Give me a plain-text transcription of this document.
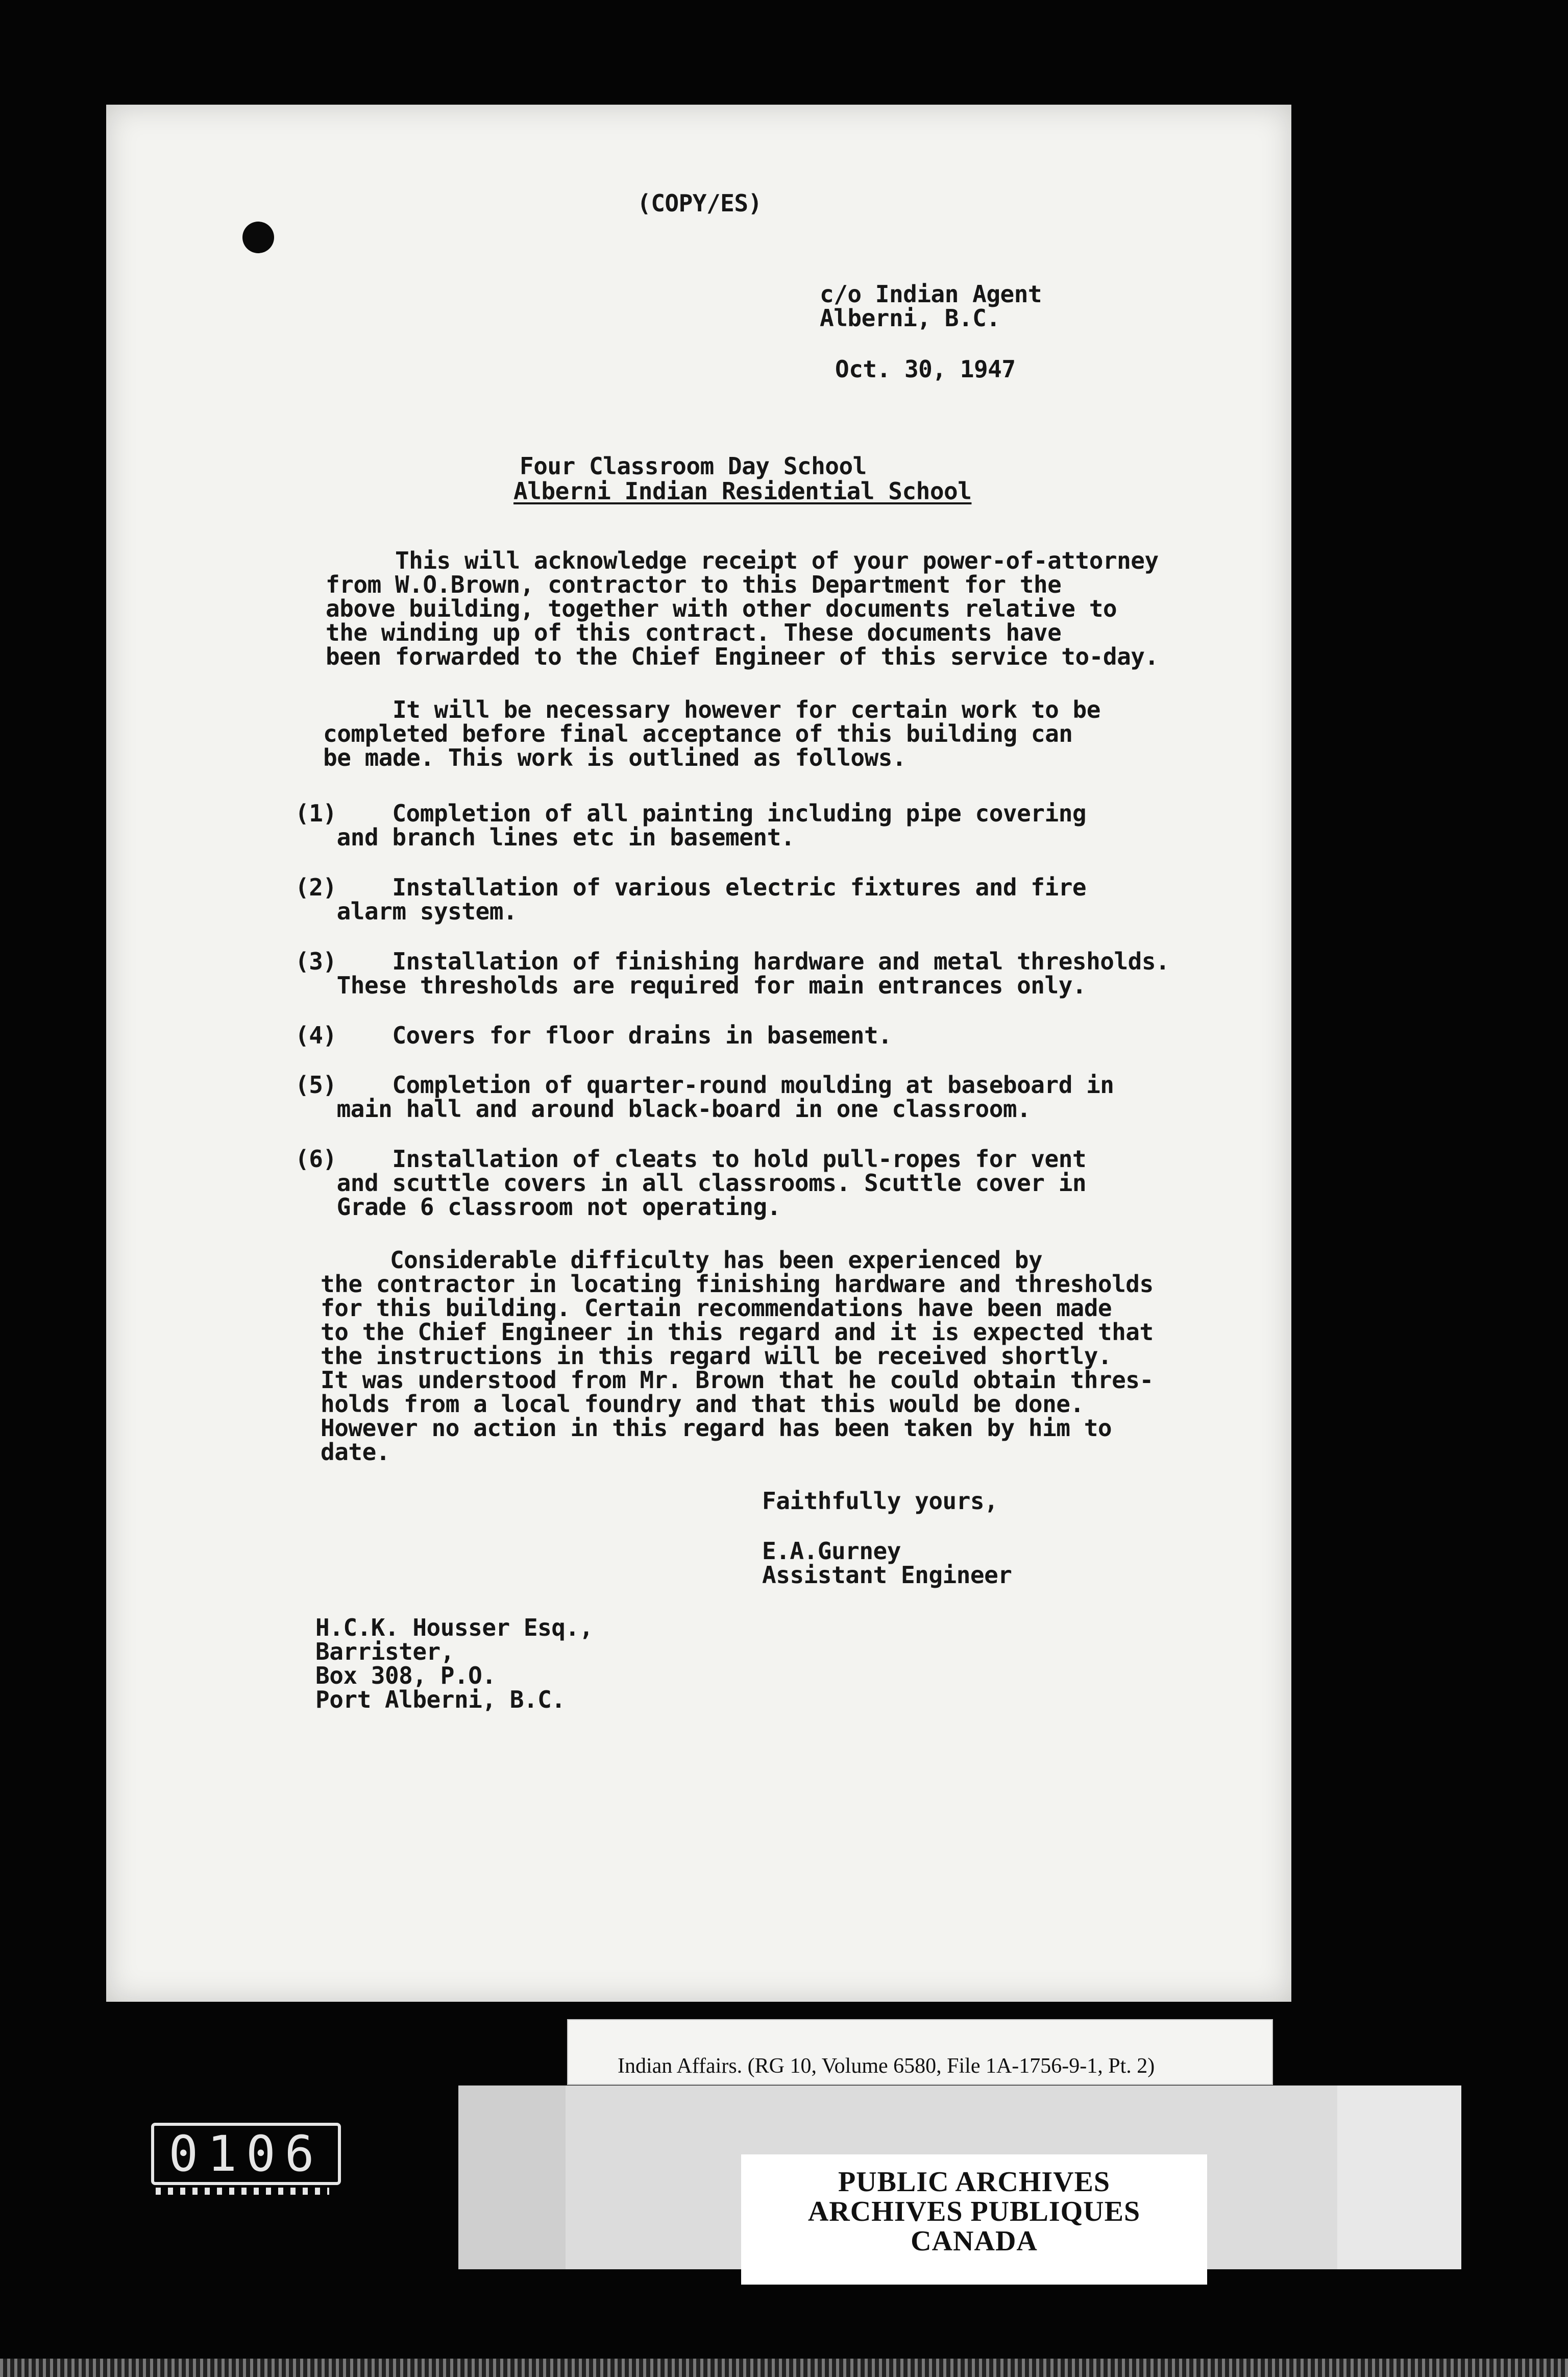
(COPY/ES)
c/o Indian Agent
Alberni, B.C.
Oct. 30, 1947
Four Classroom Day School
Alberni Indian Residential School
This will acknowledge receipt of your power-of-attorney
from W.O.Brown, contractor to this Department for the
above building, together with other documents relative to
the winding up of this contract. These documents have
been forwarded to the Chief Engineer of this service to-day.
It will be necessary however for certain work to be
completed before final acceptance of this building can
be made. This work is outlined as follows.
(1)    Completion of all painting including pipe covering
and branch lines etc in basement.
(2)    Installation of various electric fixtures and fire
alarm system.
(3)    Installation of finishing hardware and metal thresholds.
These thresholds are required for main entrances only.
(4)    Covers for floor drains in basement.
(5)    Completion of quarter-round moulding at baseboard in
main hall and around black-board in one classroom.
(6)    Installation of cleats to hold pull-ropes for vent
and scuttle covers in all classrooms. Scuttle cover in
Grade 6 classroom not operating.
Considerable difficulty has been experienced by
the contractor in locating finishing hardware and thresholds
for this building. Certain recommendations have been made
to the Chief Engineer in this regard and it is expected that
the instructions in this regard will be received shortly.
It was understood from Mr. Brown that he could obtain thres-
holds from a local foundry and that this would be done.
However no action in this regard has been taken by him to
date.
Faithfully yours,
E.A.Gurney
Assistant Engineer
H.C.K. Housser Esq.,
Barrister,
Box 308, P.O.
Port Alberni, B.C.
Indian Affairs. (RG 10, Volume 6580, File 1A-1756-9-1, Pt. 2)
PUBLIC ARCHIVES
ARCHIVES PUBLIQUES
CANADA
0106
